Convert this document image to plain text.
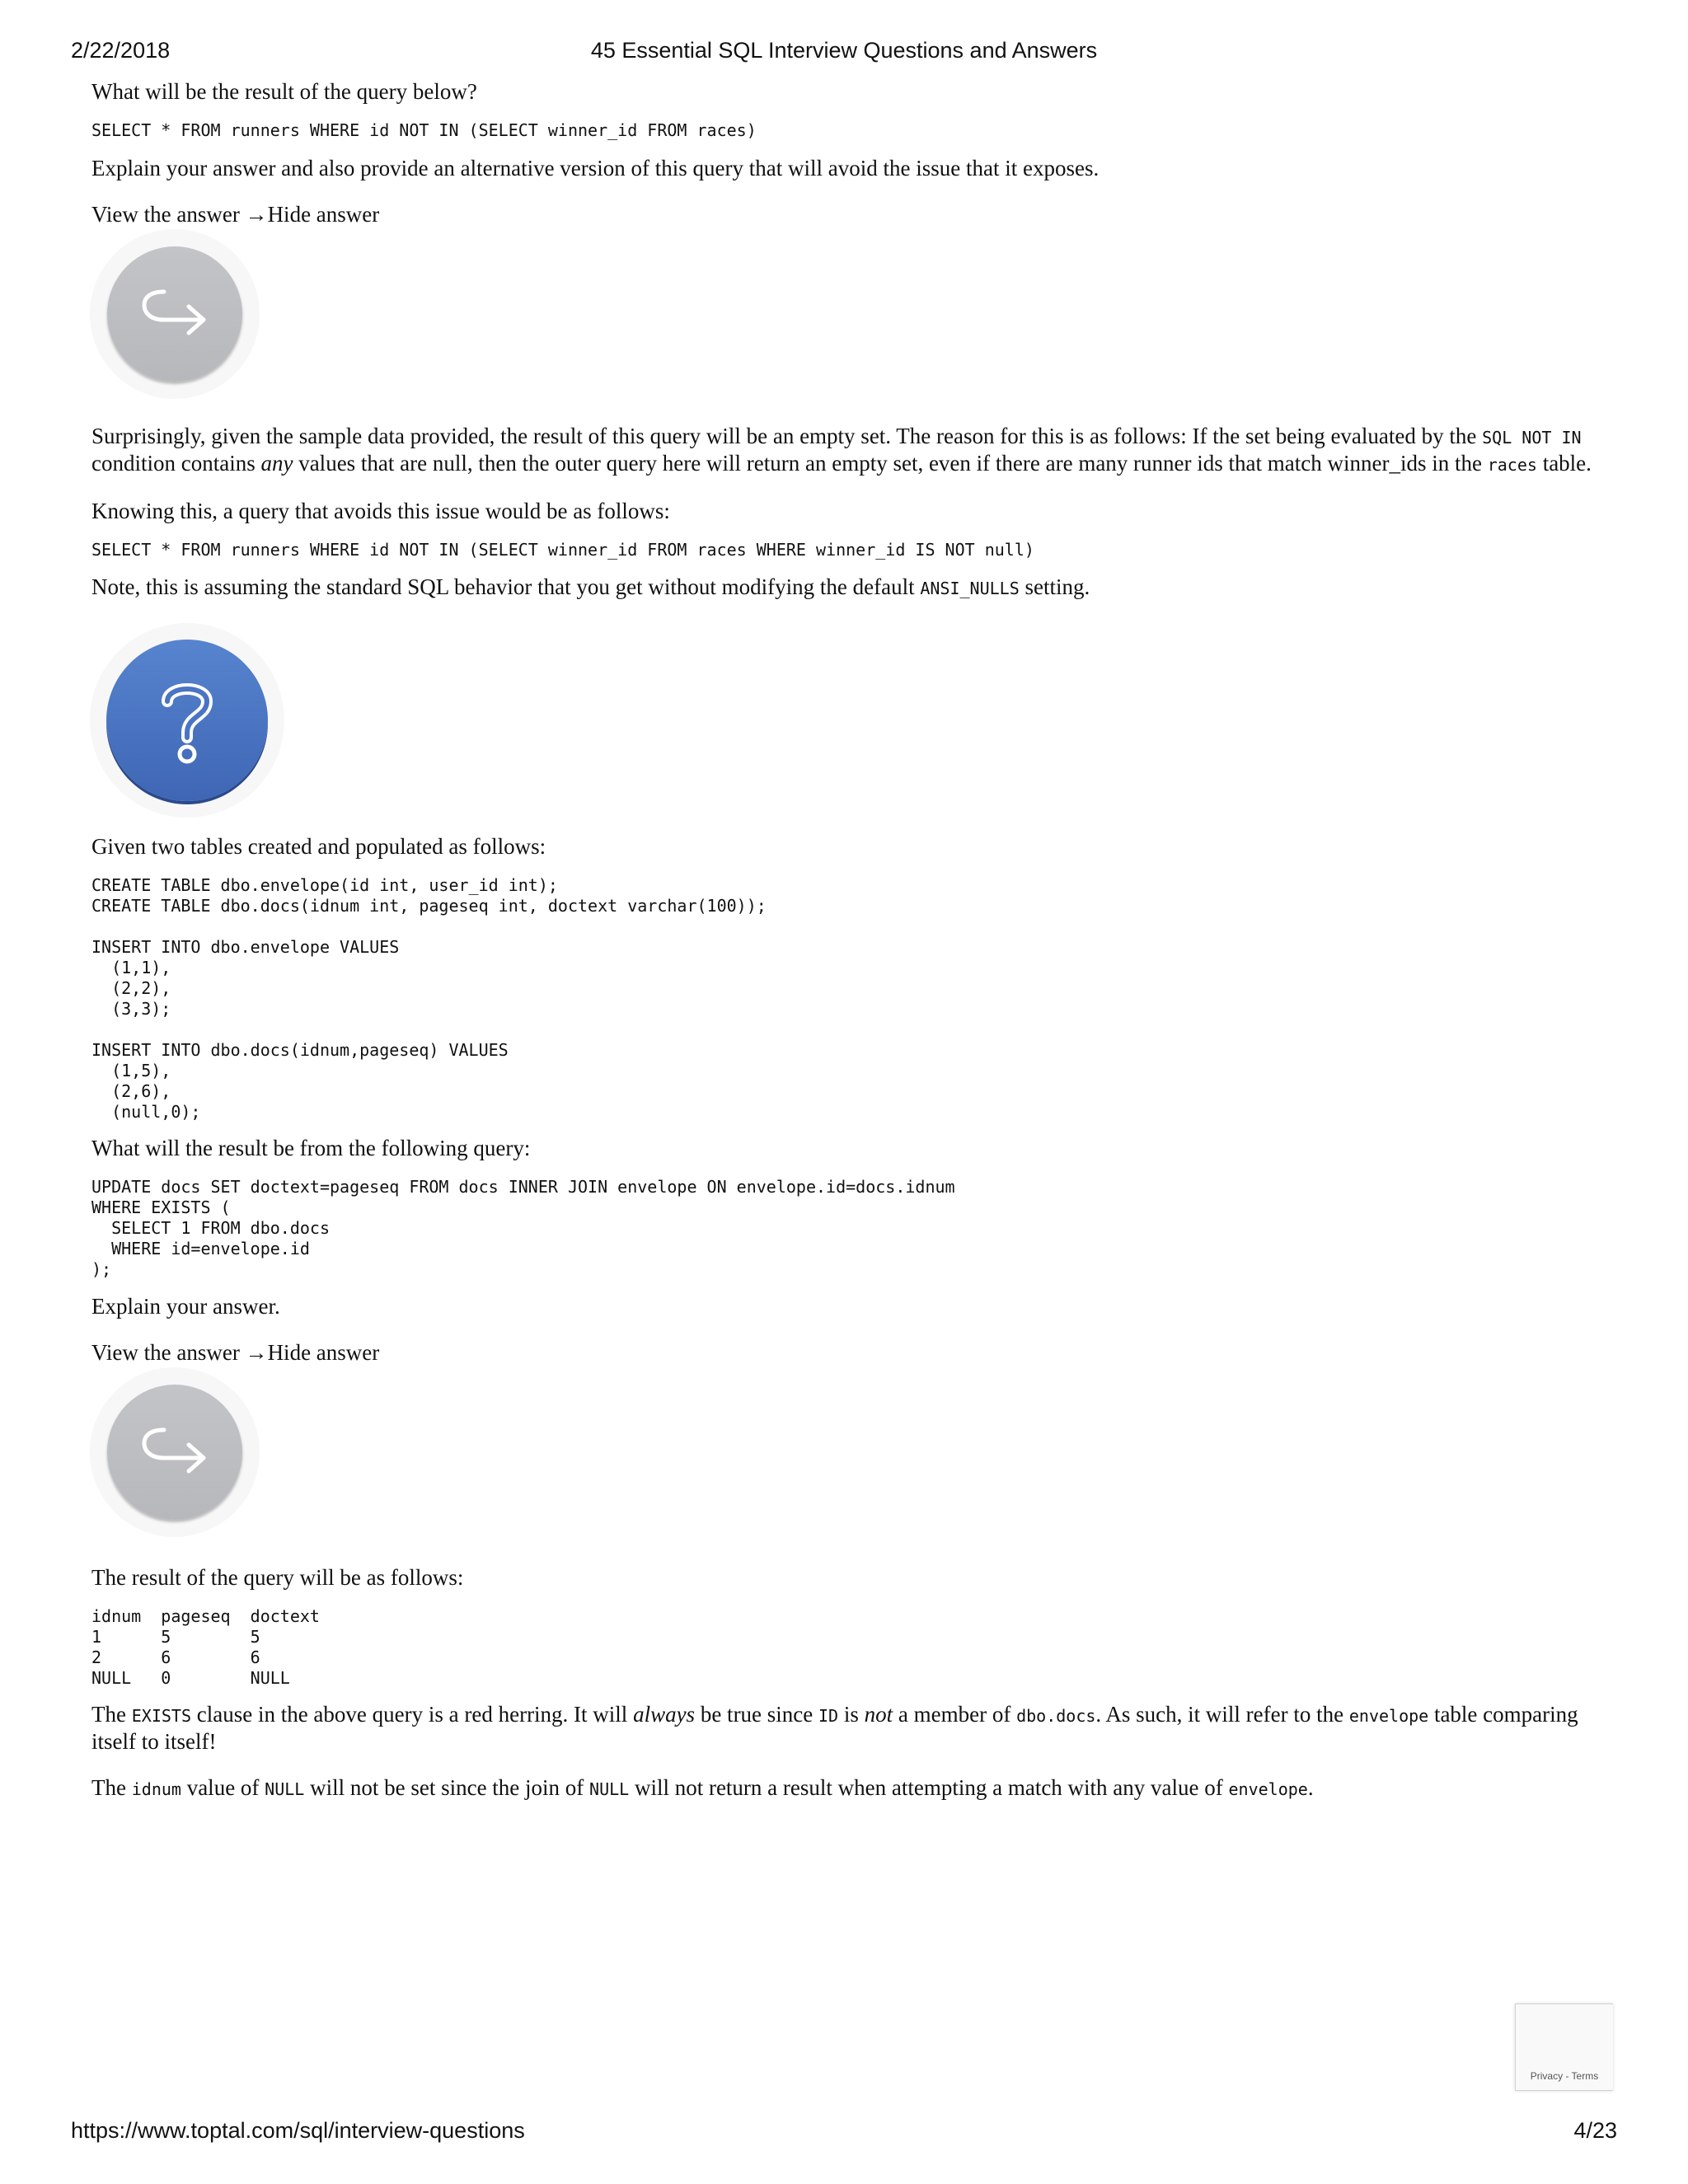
2/22/2018	45 Essential SQL Interview Questions and Answers

What will be the result of the query below?

SELECT * FROM runners WHERE id NOT IN (SELECT winner_id FROM races)

Explain your answer and also provide an alternative version of this query that will avoid the issue that it exposes.

View the answer →Hide answer

Surprisingly, given the sample data provided, the result of this query will be an empty set. The reason for this is as follows: If the set being evaluated by the SQL NOT IN condition contains any values that are null, then the outer query here will return an empty set, even if there are many runner ids that match winner_ids in the races table.

Knowing this, a query that avoids this issue would be as follows:

SELECT * FROM runners WHERE id NOT IN (SELECT winner_id FROM races WHERE winner_id IS NOT null)

Note, this is assuming the standard SQL behavior that you get without modifying the default ANSI_NULLS setting.

Given two tables created and populated as follows:

CREATE TABLE dbo.envelope(id int, user_id int);
CREATE TABLE dbo.docs(idnum int, pageseq int, doctext varchar(100));

INSERT INTO dbo.envelope VALUES
(1,1),
(2,2),
(3,3);

INSERT INTO dbo.docs(idnum,pageseq) VALUES
(1,5),
(2,6),
(null,0);

What will the result be from the following query:

UPDATE docs SET doctext=pageseq FROM docs INNER JOIN envelope ON envelope.id=docs.idnum
WHERE EXISTS (
SELECT 1 FROM dbo.docs
WHERE id=envelope.id
);

Explain your answer.

View the answer →Hide answer

The result of the query will be as follows:

idnum  pageseq  doctext
1      5        5
2      6        6
NULL   0        NULL

The EXISTS clause in the above query is a red herring. It will always be true since ID is not a member of dbo.docs. As such, it will refer to the envelope table comparing itself to itself!

The idnum value of NULL will not be set since the join of NULL will not return a result when attempting a match with any value of envelope.

Privacy - Terms
https://www.toptal.com/sql/interview-questions	4/23
